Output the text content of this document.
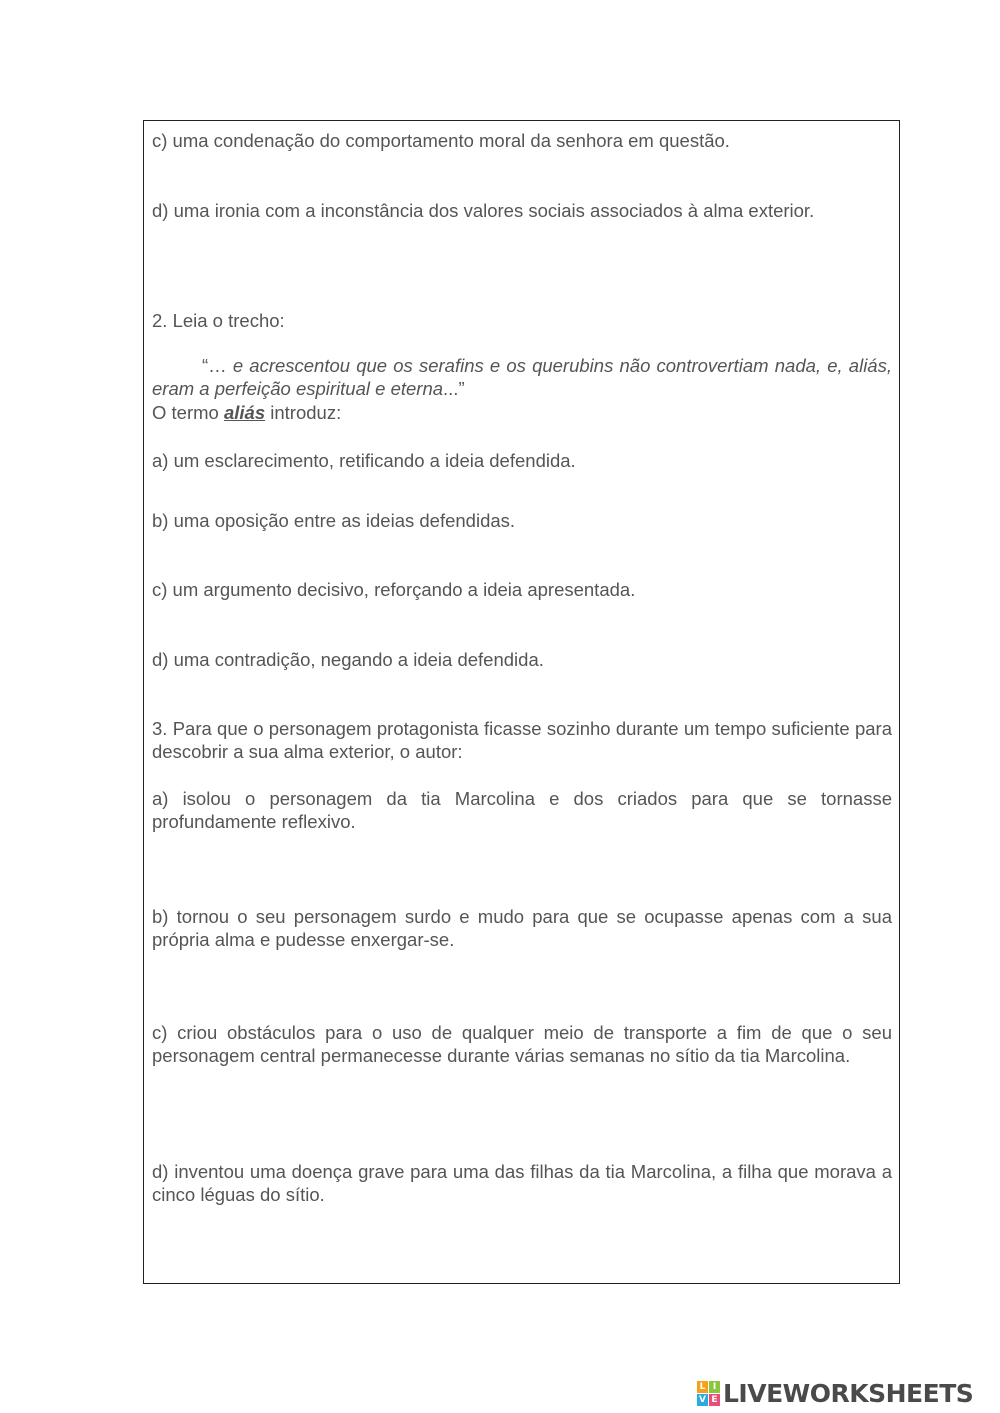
c) uma condenação do comportamento moral da senhora em questão.

d) uma ironia com a inconstância dos valores sociais associados à alma exterior.

2. Leia o trecho:

“… e acrescentou que os serafins e os querubins não controvertiam nada, e, aliás, eram a perfeição espiritual e eterna...”

O termo aliás introduz:

a) um esclarecimento, retificando a ideia defendida.

b) uma oposição entre as ideias defendidas.

c) um argumento decisivo, reforçando a ideia apresentada.

d) uma contradição, negando a ideia defendida.

3. Para que o personagem protagonista ficasse sozinho durante um tempo suficiente para descobrir a sua alma exterior, o autor:

a) isolou o personagem da tia Marcolina e dos criados para que se tornasse profundamente reflexivo.

b) tornou o seu personagem surdo e mudo para que se ocupasse apenas com a sua própria alma e pudesse enxergar-se.

c) criou obstáculos para o uso de qualquer meio de transporte a fim de que o seu personagem central permanecesse durante várias semanas no sítio da tia Marcolina.

d) inventou uma doença grave para uma das filhas da tia Marcolina, a filha que morava a cinco léguas do sítio.

L I
V E LIVEWORKSHEETS
